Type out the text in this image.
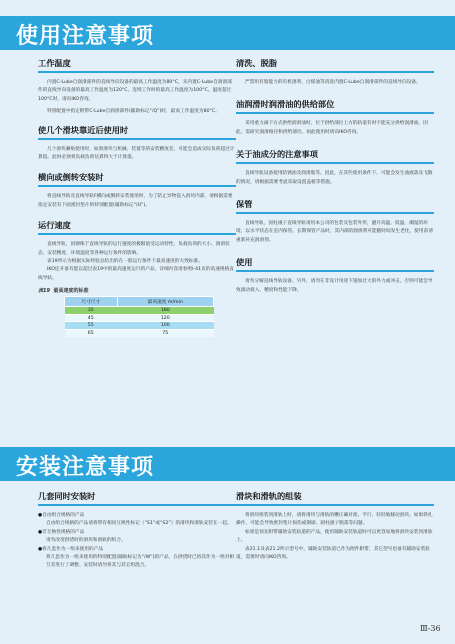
使用注意事项
工作温度

内置C-Lube自润滑部件的直线导向设备的最高工作温度为80°C，未内置C-Lube自润滑部件的直线导向设备的最高工作温度为120°C。连续工作时的最高工作温度为100°C。温度超过100°C时，请向IKO咨询。

特别配置中指定附带C-Lube自润滑部件(辅助标记“/Q”)时，最高工作温度为80°C。

使几个滑块靠近后使用时

几个滑块紧贴使用时，如果滑块与机械、装置等的安装精度差，可能会造成实际负荷超过计算值。此时必须将负载负荷估算得大于计算值。

横向或倒转安装时

将直线导轨及直线导轨F横向或倒转安装使用时，为了防止异物侵入滑块内部，请根据需要指定安装有下面密封垫片的特别配置(辅助标记“/U”)。

运行速度

直线导轨，因钢珠于直线导轨的运行速度的极限值受运动特性、负载负荷的大小、润滑状态、安装精度、环境温度等各种运行条件的影响。

表19所示为根据实际经验总结出的在一般运行条件下最高速度的大致标准。

IKO还开备有能以超过表19中的最高速度运行的产品，详细内容请参照Ⅰ-41页的高速规格直线导轨。

表19 最高速度的标准
尺寸尺寸	最高速度 m/min
35	180
45	120
55	100
65	75
清洗、脱脂

严禁用有脂能力的有机溶剂、白煤油等清洗内置C-Lube自润滑部件的直线导向设备。

油润滑时润滑油的供给部位

采用重力滴下方式供给润滑油时，位于供给部位上方的轨道有时不能充分供给润滑油。因此，需研究润滑路径和供给部位。如此使用时请向IKO咨询。

关于油成分的注意事项

直线导轨设备使用防锈油及润滑脂等。因此，在其些使用条件下，可能会发生油液落及飞散的情况，请根据需要考虑采取设置盖板等措施。

保管

直线导轨，固柱滚子直线导轨请用本公司的包装及包装外形，避开高温、低温、潮湿的环境，以水平状态在室内保管。长期保管产品时，其内部的润滑剂可能随时间发生老化，使用前请重新补充润滑剂。

使用

请勿分解直线导轨设备。另外，请勿在非设计用途下施加过大的外力或冲击。否则可能会导致滚动接入、精度和性能下降。

安装注意事项
几套同时安装时
●自由组合规格的产品
自由组合规格的产品请将带有相同互换性标记（“S1”或“S2”）的滑块和滑轨安装在一起。
●非互换性规格的产品
请勿改变供货时的滑块和滑轨的组合。
●将几套作为一组来使用的产品
将几套作为一组来使用的特别配置(辅助标记为“/W”)的产品，在供货时已将其作为一组对相互差进行了调整。安装时请勿将其与其它组混合。
滑块和滑轨的组装

将滑块组装到滑轨上时，请将滑块与滑轨的槽正确对准，平行、轻轻地移动滑块。如果斜扎操作，可能会导致密封垫片损伤或钢球、圆柱滚子脱落等问题。

如果是预先附带辅助安装轨道的产品，使用辅助安装轨道时可以更容易地将滑块安装到滑轨上。

表21.1及表21.2所示型号中，辅助安装轨道已作为附件附带，其它型号也备有辅助安装轨道，需要时请向IKO咨询。

Ⅲ-36
